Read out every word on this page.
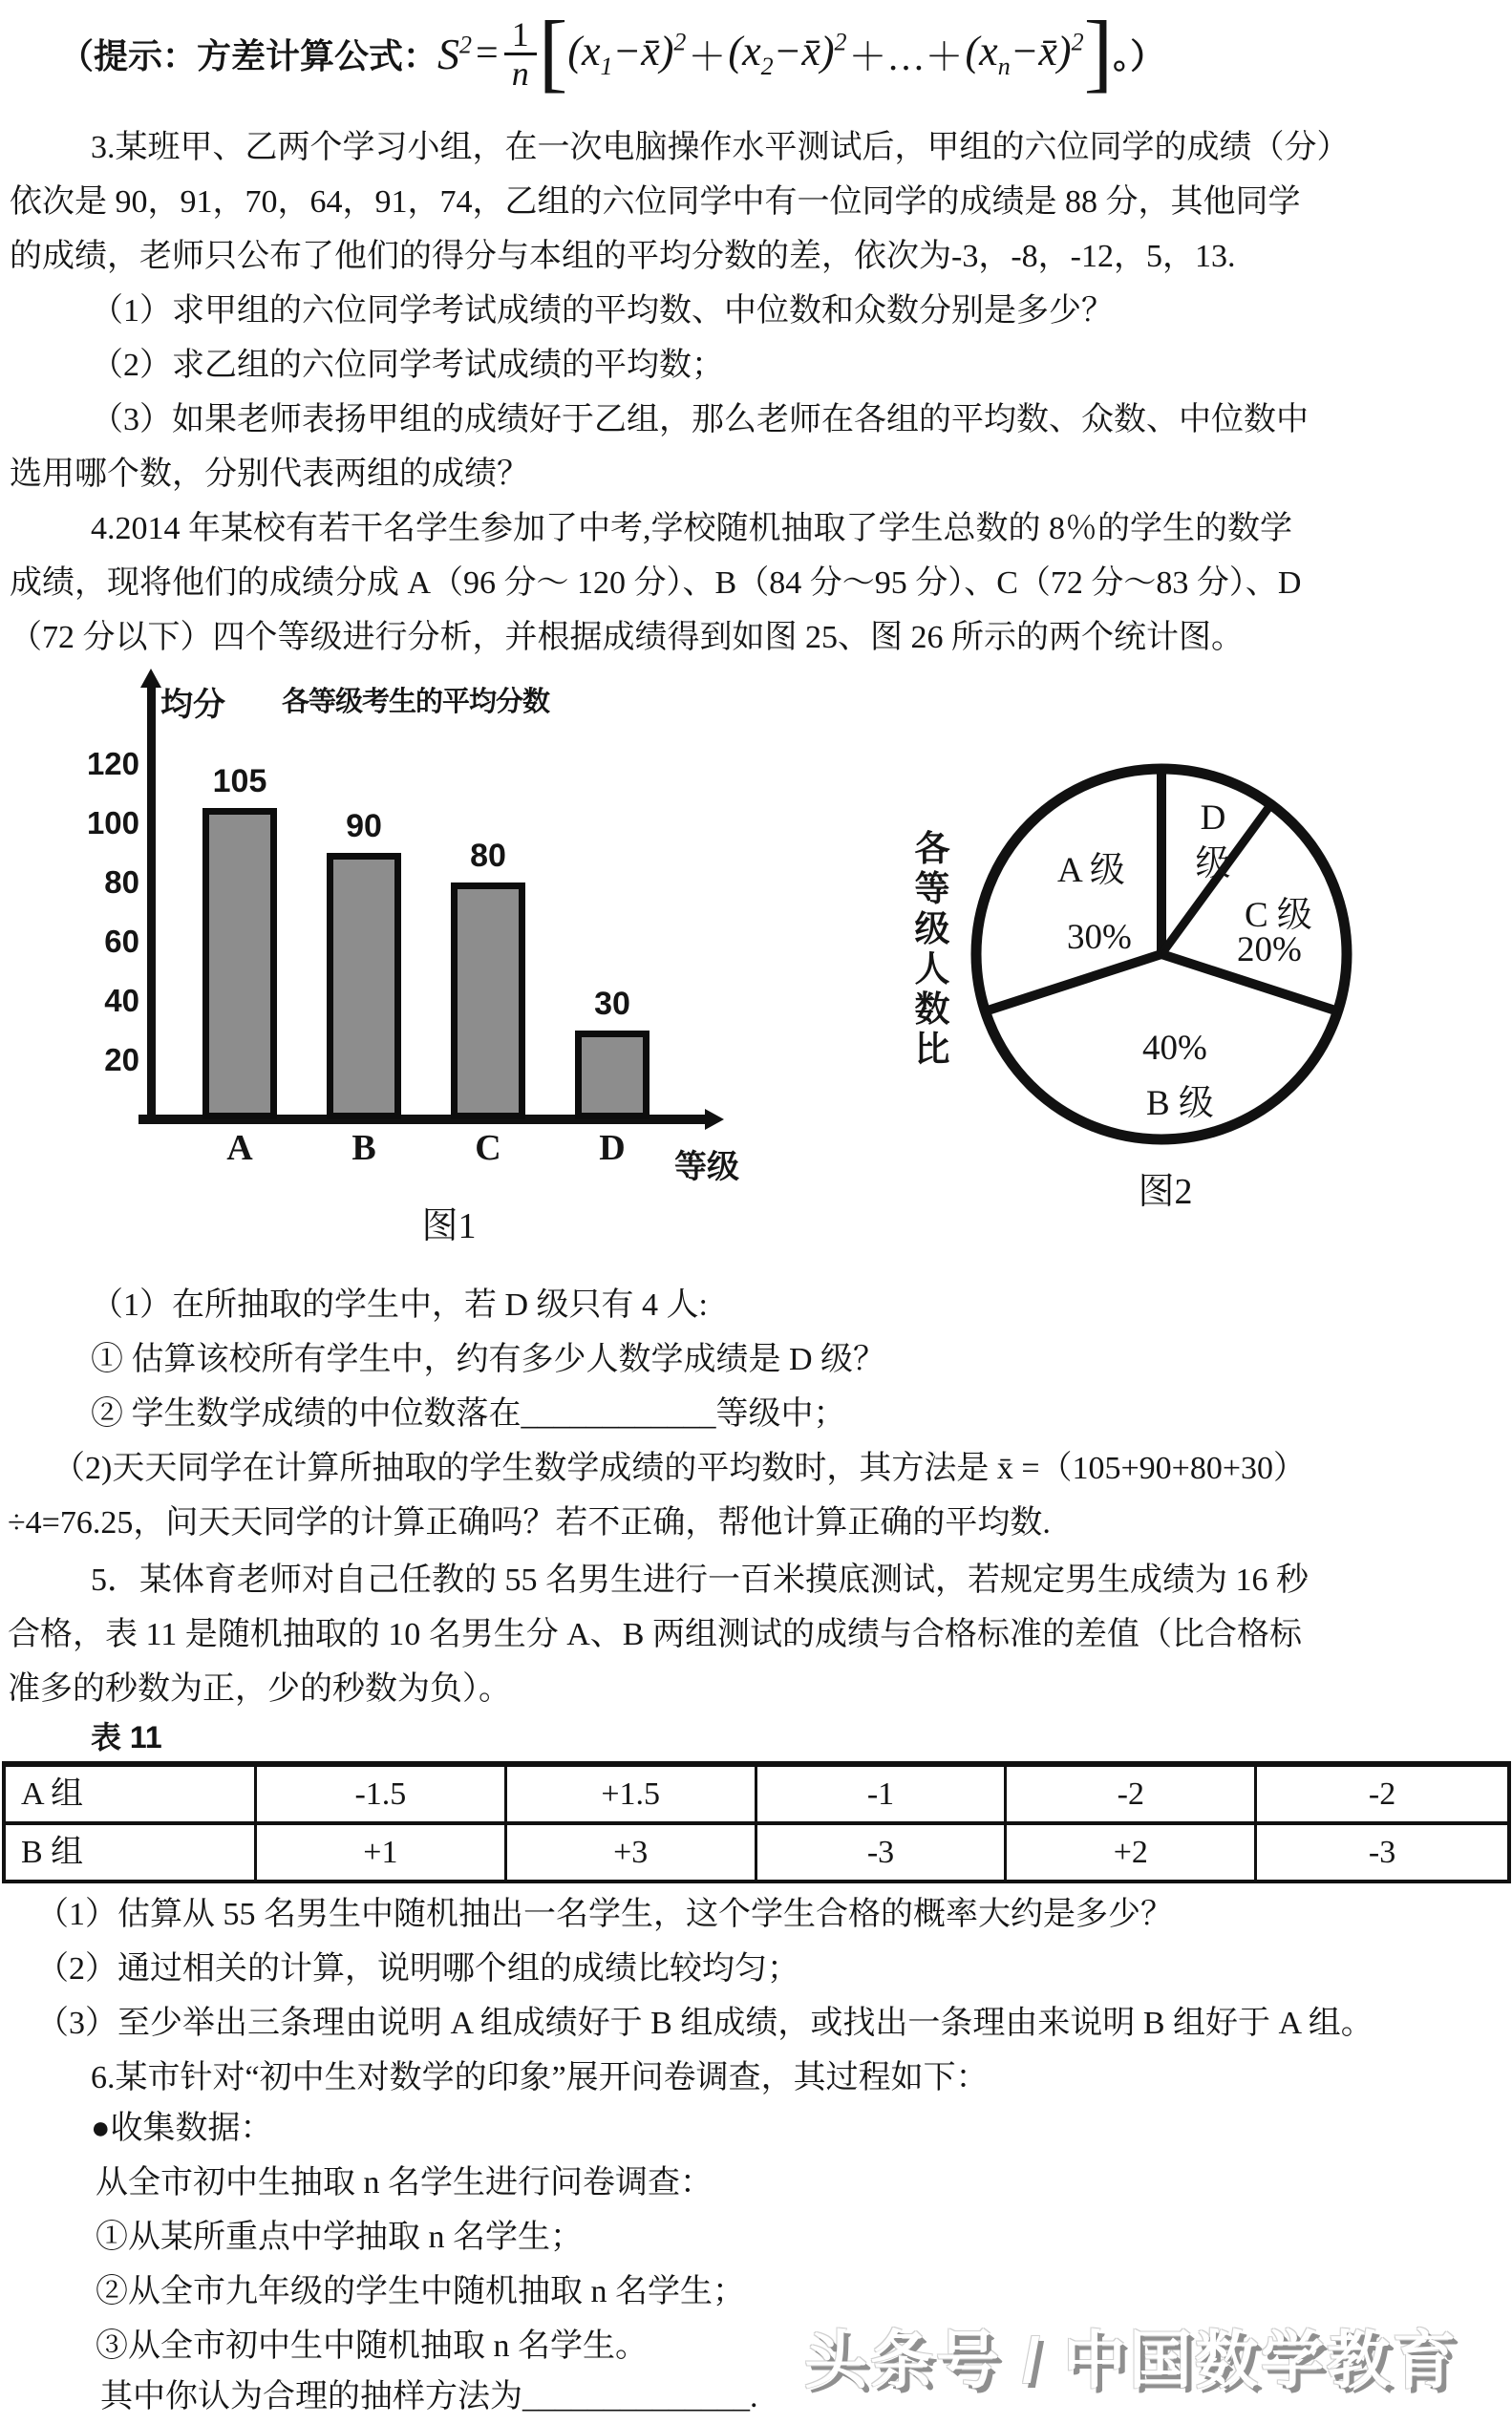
（提示：方差计算公式： $S^2 = \frac{1}{n}$ [ $(x_1-x̄)^2$ ＋ $(x_2-x̄)^2$ ＋…＋ $(x_n-x̄)^2$ ] 。）
3.某班甲、乙两个学习小组，在一次电脑操作水平测试后，甲组的六位同学的成绩（分）
依次是 90，91，70，64，91，74，乙组的六位同学中有一位同学的成绩是 88 分，其他同学
的成绩，老师只公布了他们的得分与本组的平均分数的差，依次为-3，-8，-12，5，13.
（1）求甲组的六位同学考试成绩的平均数、中位数和众数分别是多少？
（2）求乙组的六位同学考试成绩的平均数；
（3）如果老师表扬甲组的成绩好于乙组，那么老师在各组的平均数、众数、中位数中
选用哪个数，分别代表两组的成绩？
4.2014 年某校有若干名学生参加了中考,学校随机抽取了学生总数的 8％的学生的数学
成绩，现将他们的成绩分成 A（96 分～ 120 分）、B（84 分～95 分）、C（72 分～83 分）、D
（72 分以下）四个等级进行分析，并根据成绩得到如图 25、图 26 所示的两个统计图。
均分 各等级考生的平均分数
120
100
80
60
40
20
105
90
80
30
A	B	C	D	等级
图1
各
等
级
人
数
比
A 级
30%
D
级
C 级
20%
40%
B 级
图2
（1）在所抽取的学生中，若 D 级只有 4 人:
① 估算该校所有学生中，约有多少人数学成绩是 D 级？
② 学生数学成绩的中位数落在____________等级中；
（2)天天同学在计算所抽取的学生数学成绩的平均数时，其方法是 x̄ =（105+90+80+30）
÷4=76.25，问天天同学的计算正确吗？若不正确，帮他计算正确的平均数.
5．某体育老师对自己任教的 55 名男生进行一百米摸底测试，若规定男生成绩为 16 秒
合格，表 11 是随机抽取的 10 名男生分 A、B 两组测试的成绩与合格标准的差值（比合格标
准多的秒数为正，少的秒数为负）。
表 11
A 组	-1.5	+1.5	-1	-2	-2
B 组	+1	+3	-3	+2	-3
（1）估算从 55 名男生中随机抽出一名学生，这个学生合格的概率大约是多少？
（2）通过相关的计算，说明哪个组的成绩比较均匀；
（3）至少举出三条理由说明 A 组成绩好于 B 组成绩，或找出一条理由来说明 B 组好于 A 组。
6.某市针对“初中生对数学的印象”展开问卷调查，其过程如下：
●收集数据：
从全市初中生抽取 n 名学生进行问卷调查：
①从某所重点中学抽取 n 名学生；
②从全市九年级的学生中随机抽取 n 名学生；
③从全市初中生中随机抽取 n 名学生。
其中你认为合理的抽样方法为______________.
头条号 / 中国数学教育
